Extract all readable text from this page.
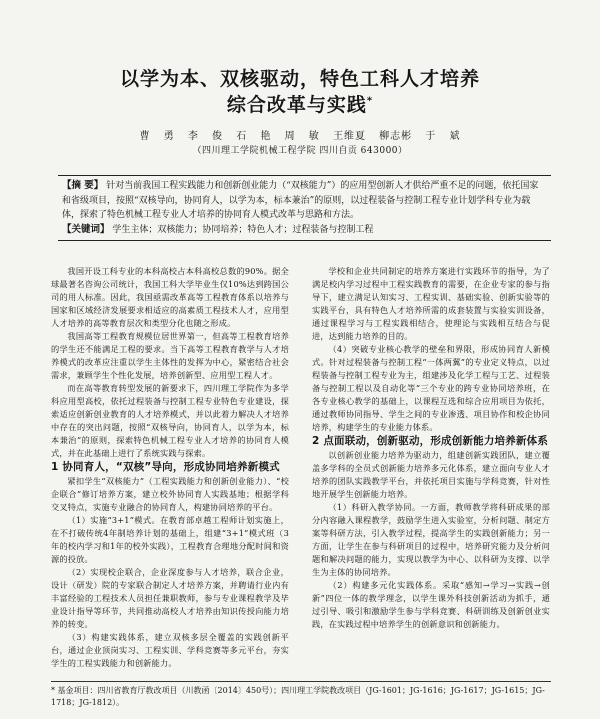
以学为本、双核驱动，特色工科人才培养
综合改革与实践*
曹 勇 李 俊 石 艳 周 敏 王维夏 柳志彬 于 斌
（四川理工学院机械工程学院 四川自贡 643000）
【摘 要】 针对当前我国工程实践能力和创新创业能力（“双核能力”）的应用型创新人才供给严重不足的问题，依托国家和省级项目，按照“双核导向，协同育人，以学为本，标本兼治”的原则，以过程装备与控制工程专业计划学科专业为载体，探索了特色机械工程专业人才培养的协同育人模式改革与思路和方法。
【关键词】 学生主体；双核能力；协同培养；特色人才；过程装备与控制工程

我国开设工科专业的本科高校占本科高校总数的90%。据全球最著名咨询公司统计，我国工科大学毕业生仅10%达到跨国公司的用人标准。因此，我国亟需改革高等工程教育体系以培养与国家和区域经济发展要求相适应的高素质工程技术人才，应用型人才培养的高等教育层次和类型分化也随之形成。

我国高等工程教育规模位居世界第一，但高等工程教育培养的学生还不能满足工程的要求。当下高等工程教育教学与人才培养模式的改革应注重以学生主体性的发挥为中心，紧密结合社会需求，兼顾学生个性化发展，培养创新型、应用型工程人才。

而在高等教育转型发展的新要求下，四川理工学院作为多学科应用型高校，依托过程装备与控制工程专业特色专业建设，探索适应创新创业教育的人才培养模式，并以此着力解决人才培养中存在的突出问题，按照“双核导向，协同育人，以学为本，标本兼治”的原则，探索特色机械工程专业人才培养的协同育人模式，并在此基础上进行了系统实践与探索。

1 协同育人，“双核”导向，形成协同培养新模式

紧扣学生“双核能力”（工程实践能力和创新创业能力）、“校企联合”修订培养方案，建立校外协同育人实践基地；根据学科交叉特点，实施专业融合的协同育人，构建协同培养的平台。

（1）实施“3+1”模式。在教育部卓越工程师计划实施上，在不打破传统4年制培养计划的基础上，组建“3+1”模式班（3年的校内学习和1年的校外实践），工程教育合理地分配时间和资源的投放。

（2）实现校企联合，企业深度参与人才培养，联合企业，设计（研发）院的专家联合制定人才培养方案，并聘请行业内有丰富经验的工程技术人员担任兼职教师，参与专业课程教学及毕业设计指导等环节，共同推动高校人才培养由知识传授向能力培养的转变。

（3）构建实践体系，建立双核多层全覆盖的实践创新平台，通过企业顶岗实习、工程实训、学科竞赛等多元平台，夯实学生的工程实践能力和创新能力。

学校和企业共同制定的培养方案进行实践环节的指导，为了满足校内学习过程中工程实践教育的需要，在企业专家的参与指导下，建立满足认知实习、工程实训、基础实验、创新实验等的实践平台，具有特色人才培养所需的成套装置与实验实训设备，通过课程学习与工程实践相结合，使理论与实践相互结合与促进，达到能力培养的目的。

（4）突破专业核心教学的壁垒和界限，形成协同育人新模式。针对过程装备与控制工程“一体两翼”的专业定义特点，以过程装备与控制工程专业为主，组建涉及化学工程与工艺、过程装备与控制工程以及自动化等“三个专业的跨专业协同培养班，在各专业核心教学的基础上，以课程互选和综合应用项目为依托，通过教师协同指导、学生之间的专业渗透、项目协作和校企协同培养，构建学生的专业能力体系。

2 点面联动，创新驱动，形成创新能力培养新体系

以创新创业能力培养为驱动力，组建创新实践团队，建立覆盖多学科的全员式创新能力培养多元化体系，建立面向专业人才培养的团队实践教学平台，并依托项目实施与学科竞赛，针对性地开展学生创新能力培养。

（1）科研入教学协同。一方面，教师教学将科研成果的部分内容融入课程教学，鼓励学生进入实验室，分析问题、制定方案等科研方法，引入教学过程，提高学生的实践创新能力；另一方面，让学生在参与科研项目的过程中，培养研究能力及分析问题和解决问题的能力，实现以教学为中心、以科研为支撑、以学生为主体的协同培养。

（2）构建多元化实践体系。采取“感知→学习→实践→创新”四位一体的教学理念，以学生课外科技创新活动为抓手，通过引导、吸引和激励学生参与学科竞赛、科研训练及创新创业实践，在实践过程中培养学生的创新意识和创新能力。

* 基金项目：四川省教育厅教改项目（川教函〔2014〕450号）；四川理工学院教改项目（JG-1601；JG-1616；JG-1617；JG-1615；JG-1718；JG-1812）。
